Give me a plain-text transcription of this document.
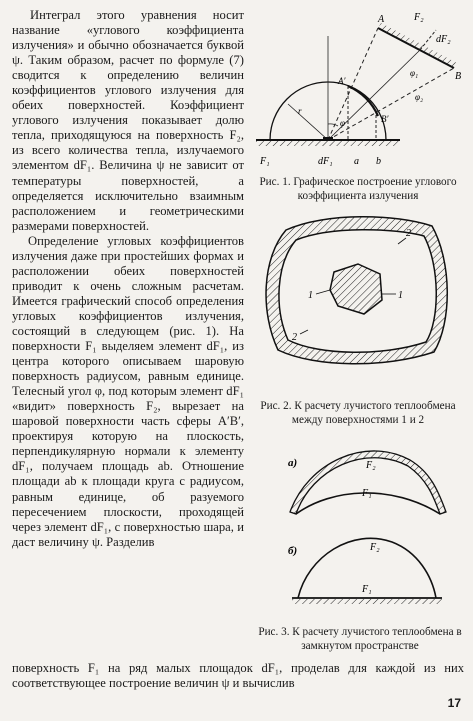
Интеграл этого уравнения носит название «углового коэффициента излучения» и обычно обозначается буквой ψ. Таким образом, расчет по формуле (7) сводится к определению величин коэффициентов углового излучения для обеих поверхностей. Коэффициент углового излучения показывает долю тепла, приходящуюся на поверхность F₂, из всего количества тепла, излучаемого элементом dF₁. Величина ψ не зависит от температуры поверхностей, а определяется исключительно взаимным расположением и геометрическими размерами поверхностей.

Определение угловых коэффициентов излучения даже при простейших формах и расположении обеих поверхностей приводит к очень сложным расчетам. Имеется графический способ определения угловых коэффициентов излучения, состоящий в следующем (рис. 1). На поверхности F₁ выделяем элемент dF₁, из центра которого описываем шаровую поверхность радиусом, равным единице. Телесный угол φ, под которым элемент dF₁ «видит» поверхность F₂, вырезает на шаровой поверхности часть сферы A′B′, проектируя которую на плоскость, перпендикулярную нормали к элементу dF₁, получаем площадь ab. Отношение площади ab к площади круга с радиусом, равным единице, об разуемого пересечением плоскости, проходящей через элемент dF₁, с поверхностью шара, и даст величину ψ. Разделив

A
B
F₂
dF₂
A′
B′
φ₁
φ₂
φ
r
F₁	dF₁ a b
Рис. 1. Графическое построение углового коэффициента излучения
1	1
2
2
Рис. 2. К расчету лучистого теплообмена между поверхностями 1 и 2
а)	F₂
F₁
б)	F₂
F₁
Рис. 3. К расчету лучистого теплообмена в замкнутом пространстве
поверхность F₁ на ряд малых площадок dF₁, проделав для каждой из них соответствующее построение величин ψ и вычислив
17
